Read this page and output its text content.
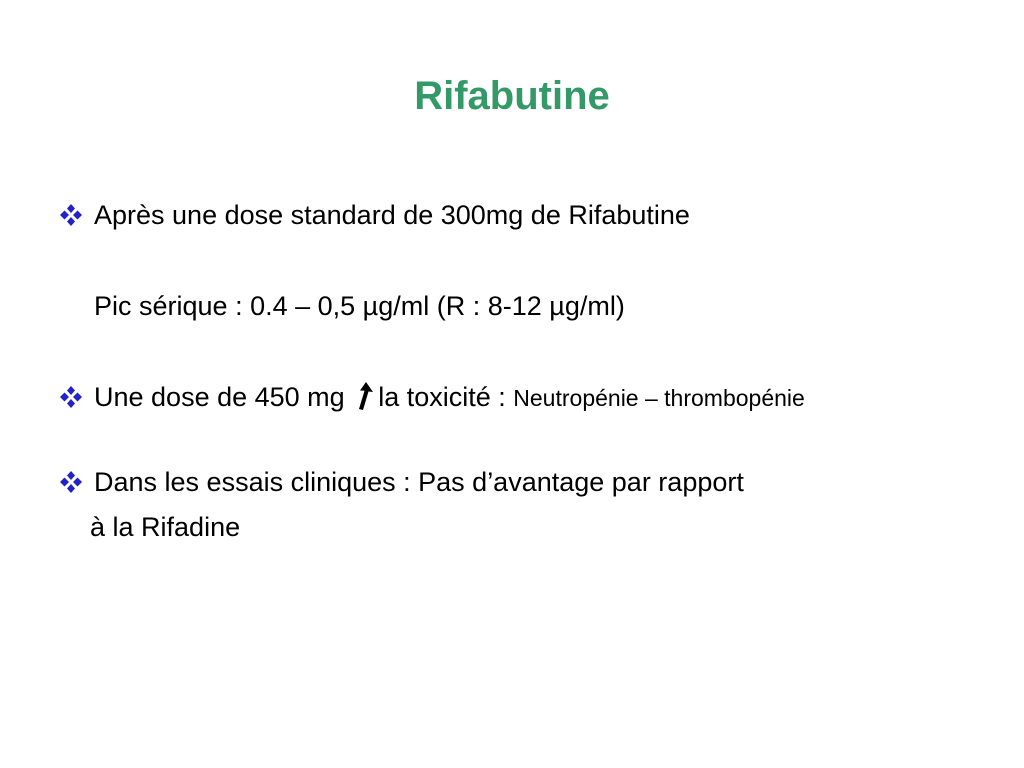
Rifabutine
Après une dose standard de 300mg de Rifabutine
Pic sérique : 0.4 – 0,5 µg/ml (R : 8-12 µg/ml)
Une dose de 450 mg la toxicité : Neutropénie – thrombopénie
Dans les essais cliniques : Pas d’avantage par rapport
à la Rifadine
